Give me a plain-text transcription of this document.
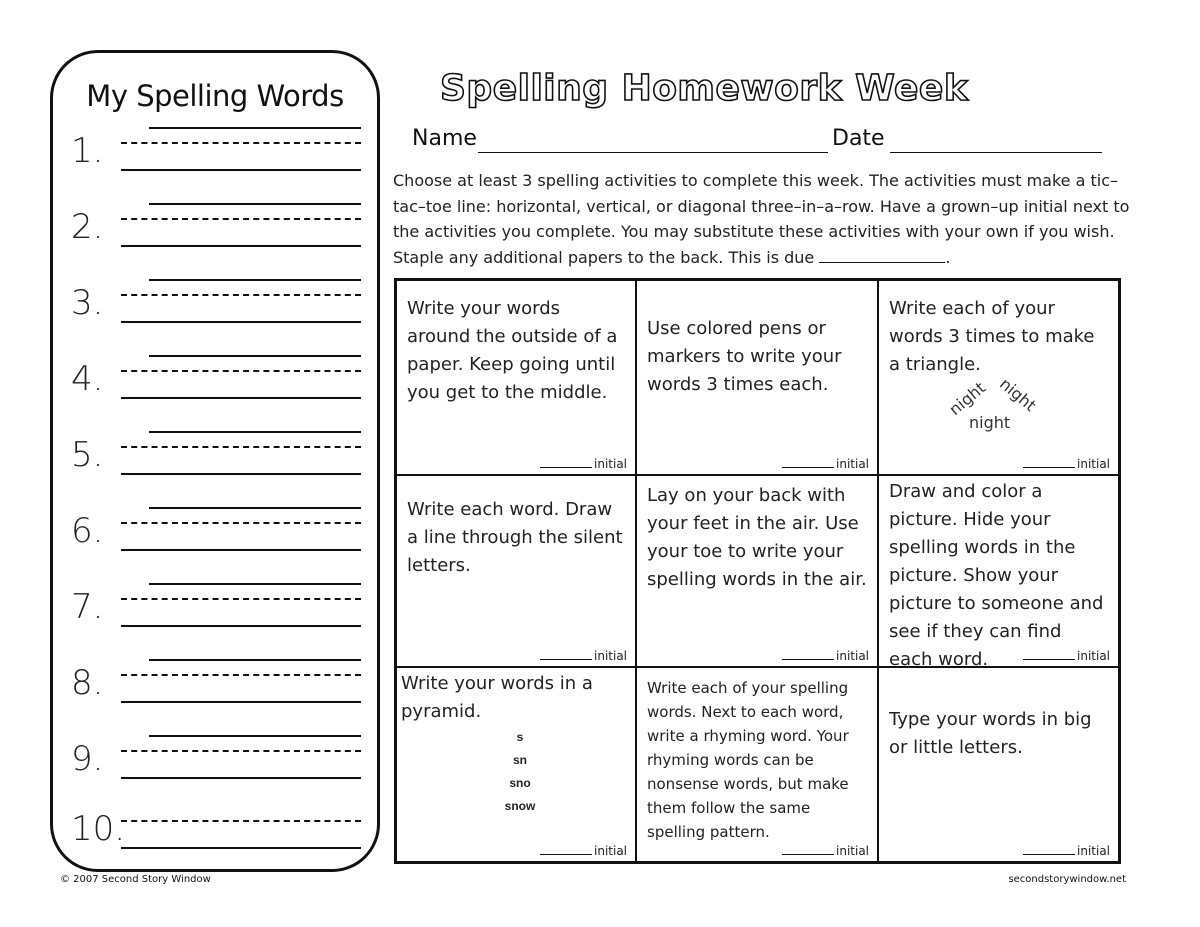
My Spelling Words
1.
2.
3.
4.
5.
6.
7.
8.
9.
10.
Spelling Homework Week
Name	Date
Choose at least 3 spelling activities to complete this week. The activities must make a tic–tac–toe line: horizontal, vertical, or diagonal three–in–a–row. Have a grown–up initial next to the activities you complete. You may substitute these activities with your own if you wish. Staple any additional papers to the back. This is due	.
Write your words around the outside of a paper. Keep going until you get to the middle.
initial
Use colored pens or markers to write your words 3 times each.
initial
Write each of your words 3 times to make a triangle.
night night
night
initial
Write each word. Draw a line through the silent letters.
initial
Lay on your back with your feet in the air. Use your toe to write your spelling words in the air.
initial
Draw and color a picture. Hide your spelling words in the picture. Show your picture to someone and see if they can find each word.	initial
Write your words in a pyramid.
s
sn
sno
snow
initial
Write each of your spelling words. Next to each word, write a rhyming word. Your rhyming words can be nonsense words, but make them follow the same spelling pattern.
initial
Type your words in big or little letters.
initial
© 2007 Second Story Window	secondstorywindow.net
